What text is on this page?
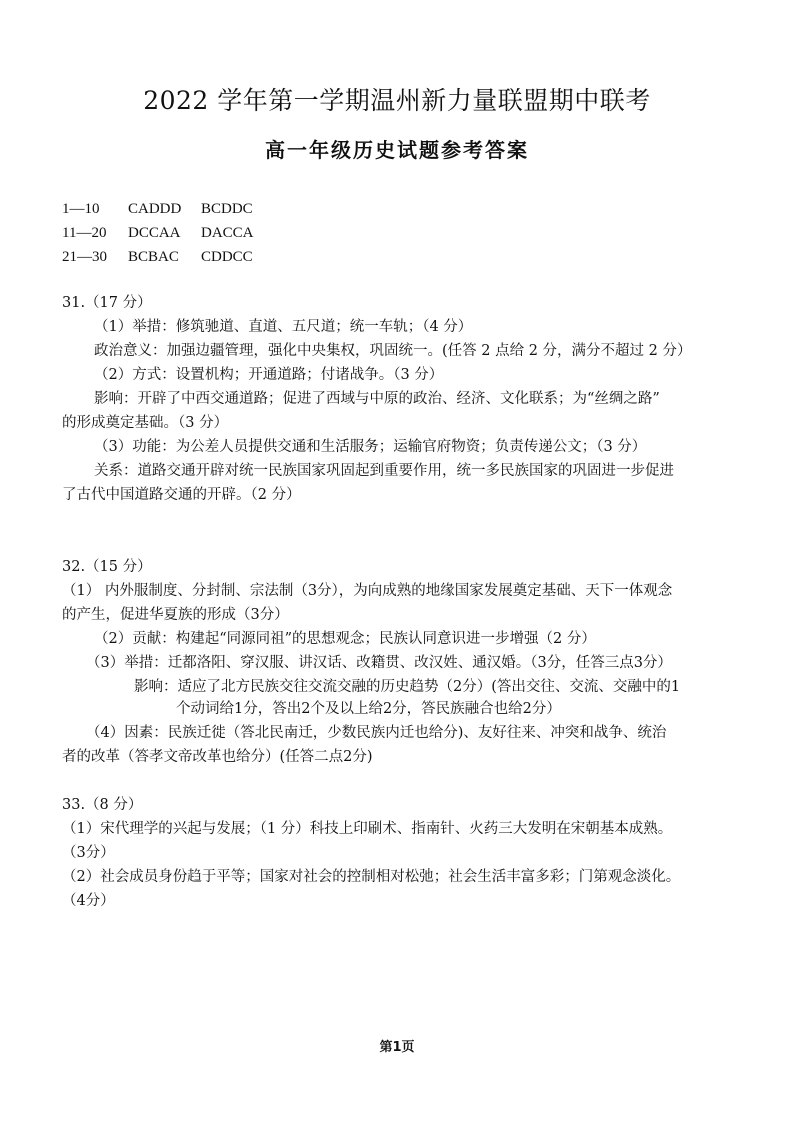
2022 学年第一学期温州新力量联盟期中联考
高一年级历史试题参考答案
1—10 CADDD BCDDC
11—20 DCCAA DACCA
21—30 BCBAC CDDCC
31.（17 分）
（1）举措：修筑驰道、直道、五尺道；统一车轨；（4 分）
政治意义：加强边疆管理，强化中央集权，巩固统一。(任答 2 点给 2 分，满分不超过 2 分）
（2）方式：设置机构；开通道路；付诸战争。（3 分）
影响：开辟了中西交通道路；促进了西域与中原的政治、经济、文化联系；为“丝绸之路”
的形成奠定基础。（3 分）
（3）功能：为公差人员提供交通和生活服务；运输官府物资；负责传递公文；（3 分）
关系：道路交通开辟对统一民族国家巩固起到重要作用，统一多民族国家的巩固进一步促进
了古代中国道路交通的开辟。（2 分）
32.（15 分）
（1） 内外服制度、分封制、宗法制（3分），为向成熟的地缘国家发展奠定基础、天下一体观念
的产生，促进华夏族的形成（3分）
（2）贡献：构建起“同源同祖”的思想观念；民族认同意识进一步增强（2 分）
（3）举措：迁都洛阳、穿汉服、讲汉话、改籍贯、改汉姓、通汉婚。（3分，任答三点3分）
影响：适应了北方民族交往交流交融的历史趋势（2分）(答出交往、交流、交融中的1
个动词给1分，答出2个及以上给2分，答民族融合也给2分）
（4）因素：民族迁徙（答北民南迁，少数民族内迁也给分)、友好往来、冲突和战争、统治
者的改革（答孝文帝改革也给分）(任答二点2分)
33.（8 分）
（1）宋代理学的兴起与发展；（1 分）科技上印刷术、指南针、火药三大发明在宋朝基本成熟。
（3分）
（2）社会成员身份趋于平等；国家对社会的控制相对松弛；社会生活丰富多彩；门第观念淡化。
（4分）
第1页
